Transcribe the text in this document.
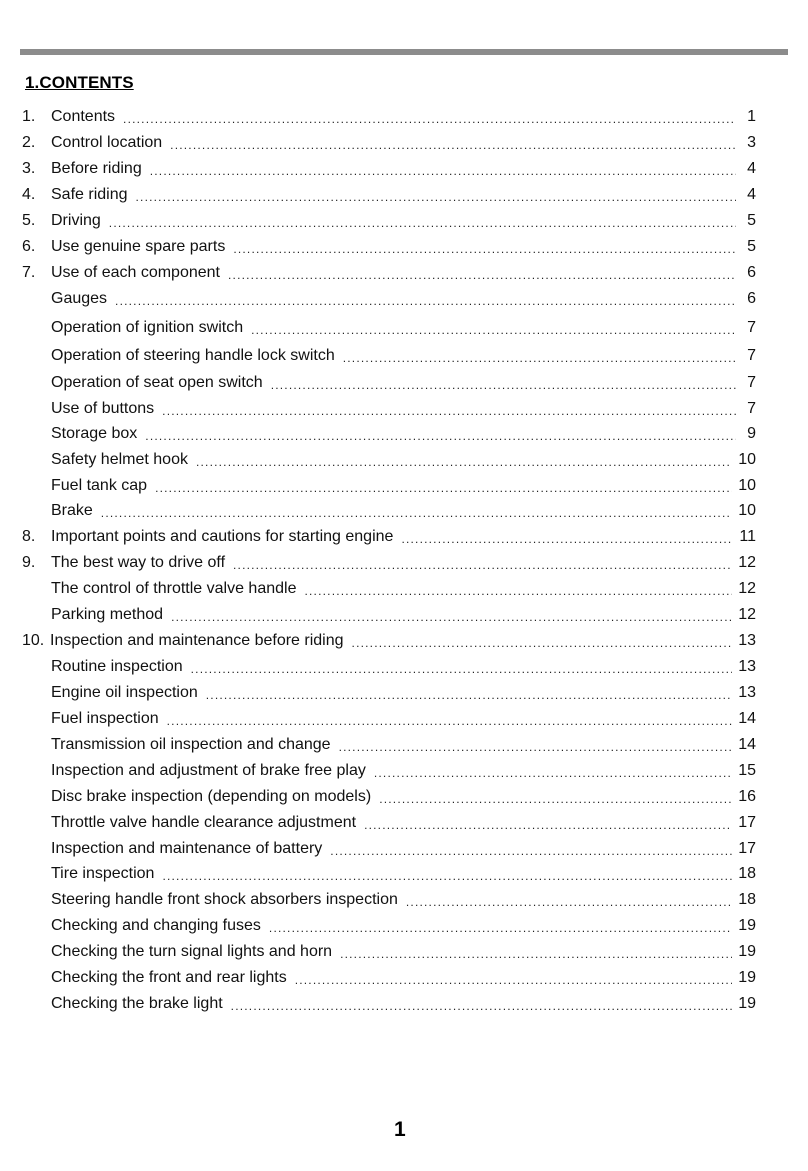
1.CONTENTS
1. Contents .....	1
2. Control location .....	3
3. Before riding .....	4
4. Safe riding .....	4
5. Driving .....	5
6. Use genuine spare parts .....	5
7. Use of each component .....	6
Gauges .....	6
Operation of ignition switch .....	7
Operation of steering handle lock switch .....	7
Operation of seat open switch .....	7
Use of buttons .....	7
Storage box .....	9
Safety helmet hook .....	10
Fuel tank cap .....	10
Brake .....	10
8. Important points and cautions for starting engine .....	11
9. The best way to drive off .....	12
The control of throttle valve handle .....	12
Parking method .....	12
10. Inspection and maintenance before riding .....	13
Routine inspection .....	13
Engine oil inspection .....	13
Fuel inspection .....	14
Transmission oil inspection and change .....	14
Inspection and adjustment of brake free play .....	15
Disc brake inspection (depending on models) .....	16
Throttle valve handle clearance adjustment .....	17
Inspection and maintenance of battery .....	17
Tire inspection .....	18
Steering handle front shock absorbers inspection .....	18
Checking and changing fuses .....	19
Checking the turn signal lights and horn .....	19
Checking the front and rear lights .....	19
Checking the brake light .....	19
1
